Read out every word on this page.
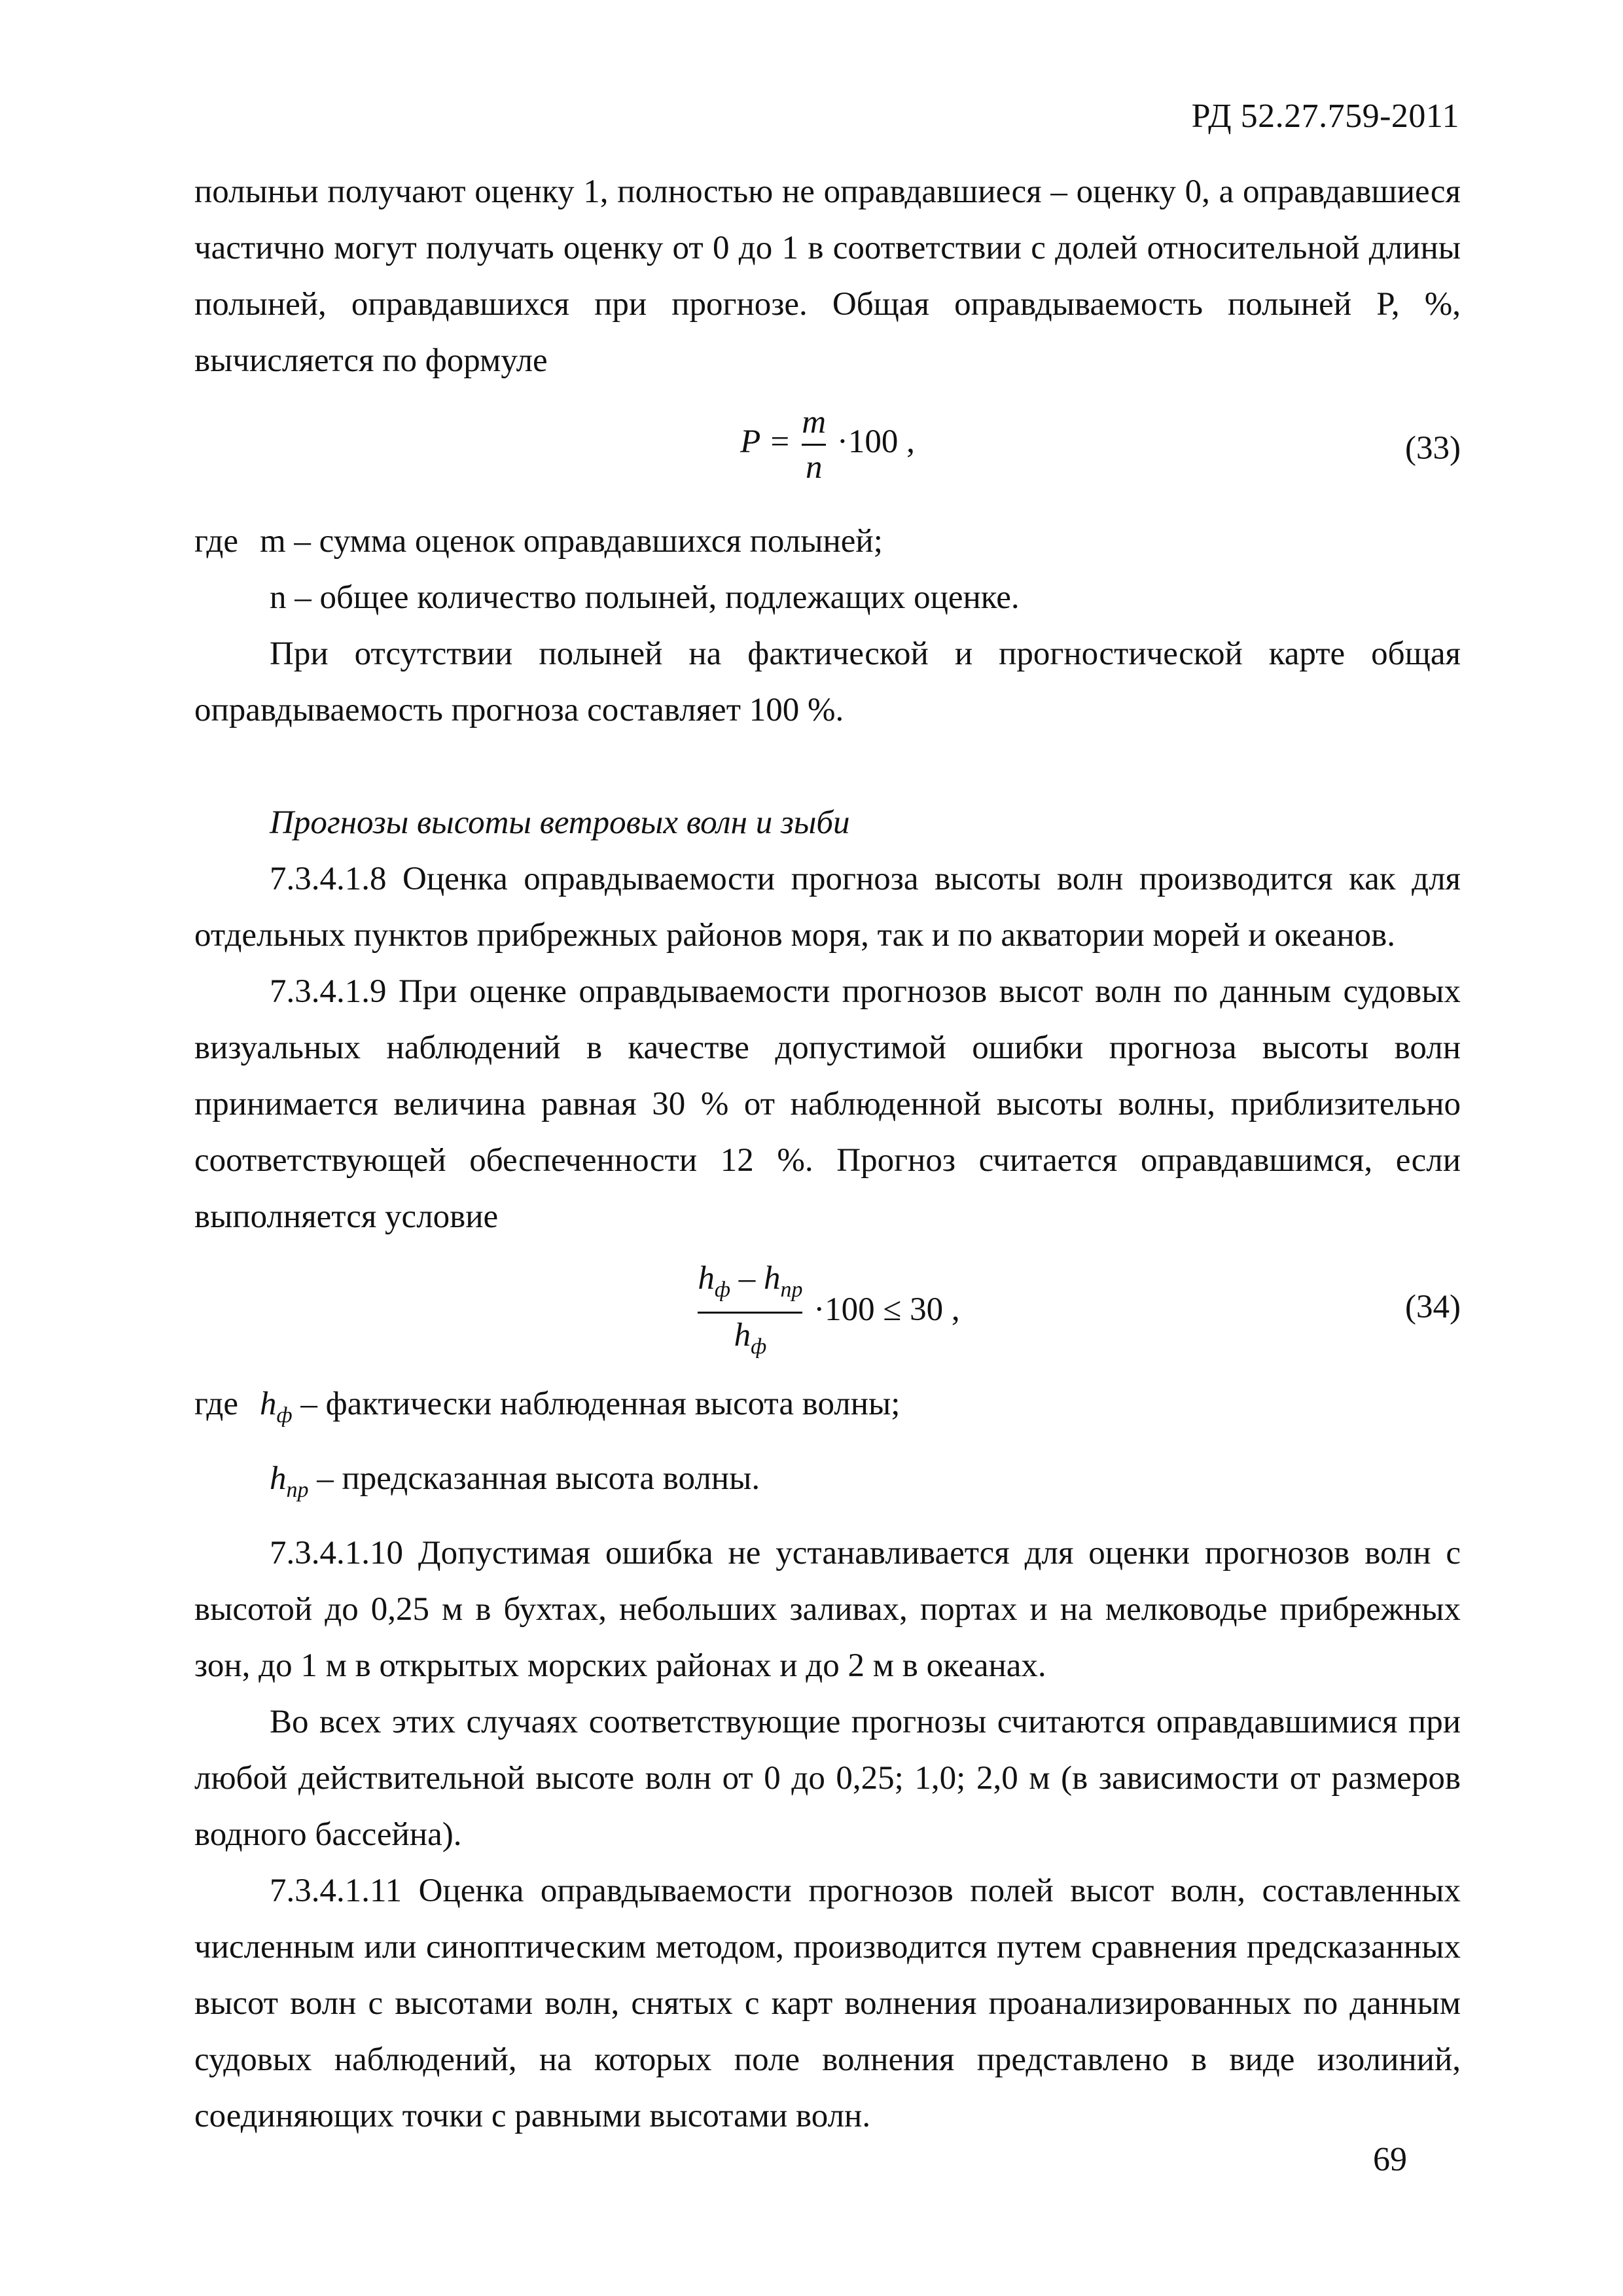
РД 52.27.759-2011

полыньи получают оценку 1, полностью не оправдавшиеся – оценку 0, а оправдавшиеся частично могут получать оценку от 0 до 1 в соответствии с долей относительной длины полыней, оправдавшихся при прогнозе. Общая оправдываемость полыней P, %, вычисляется по формуле

$P = \frac{m}{n} \cdot 100$ ,	(33)
где m – сумма оценок оправдавшихся полыней;
n – общее количество полыней, подлежащих оценке.

При отсутствии полыней на фактической и прогностической карте общая оправдываемость прогноза составляет 100 %.

Прогнозы высоты ветровых волн и зыби

7.3.4.1.8 Оценка оправдываемости прогноза высоты волн производится как для отдельных пунктов прибрежных районов моря, так и по акватории морей и океанов.

7.3.4.1.9 При оценке оправдываемости прогнозов высот волн по данным судовых визуальных наблюдений в качестве допустимой ошибки прогноза высоты волн принимается величина равная 30 % от наблюденной высоты волны, приблизительно соответствующей обеспеченности 12 %. Прогноз считается оправдавшимся, если выполняется условие

$\frac{h_ф - h_{пр}}{h_ф} \cdot 100 \le 30$ ,	(34)
где $h_ф$ – фактически наблюденная высота волны;
$h_{пр}$ – предсказанная высота волны.

7.3.4.1.10 Допустимая ошибка не устанавливается для оценки прогнозов волн с высотой до 0,25 м в бухтах, небольших заливах, портах и на мелководье прибрежных зон, до 1 м в открытых морских районах и до 2 м в океанах.

Во всех этих случаях соответствующие прогнозы считаются оправдавшимися при любой действительной высоте волн от 0 до 0,25; 1,0; 2,0 м (в зависимости от размеров водного бассейна).

7.3.4.1.11 Оценка оправдываемости прогнозов полей высот волн, составленных численным или синоптическим методом, производится путем сравнения предсказанных высот волн с высотами волн, снятых с карт волнения проанализированных по данным судовых наблюдений, на которых поле волнения представлено в виде изолиний, соединяющих точки с равными высотами волн.

69
